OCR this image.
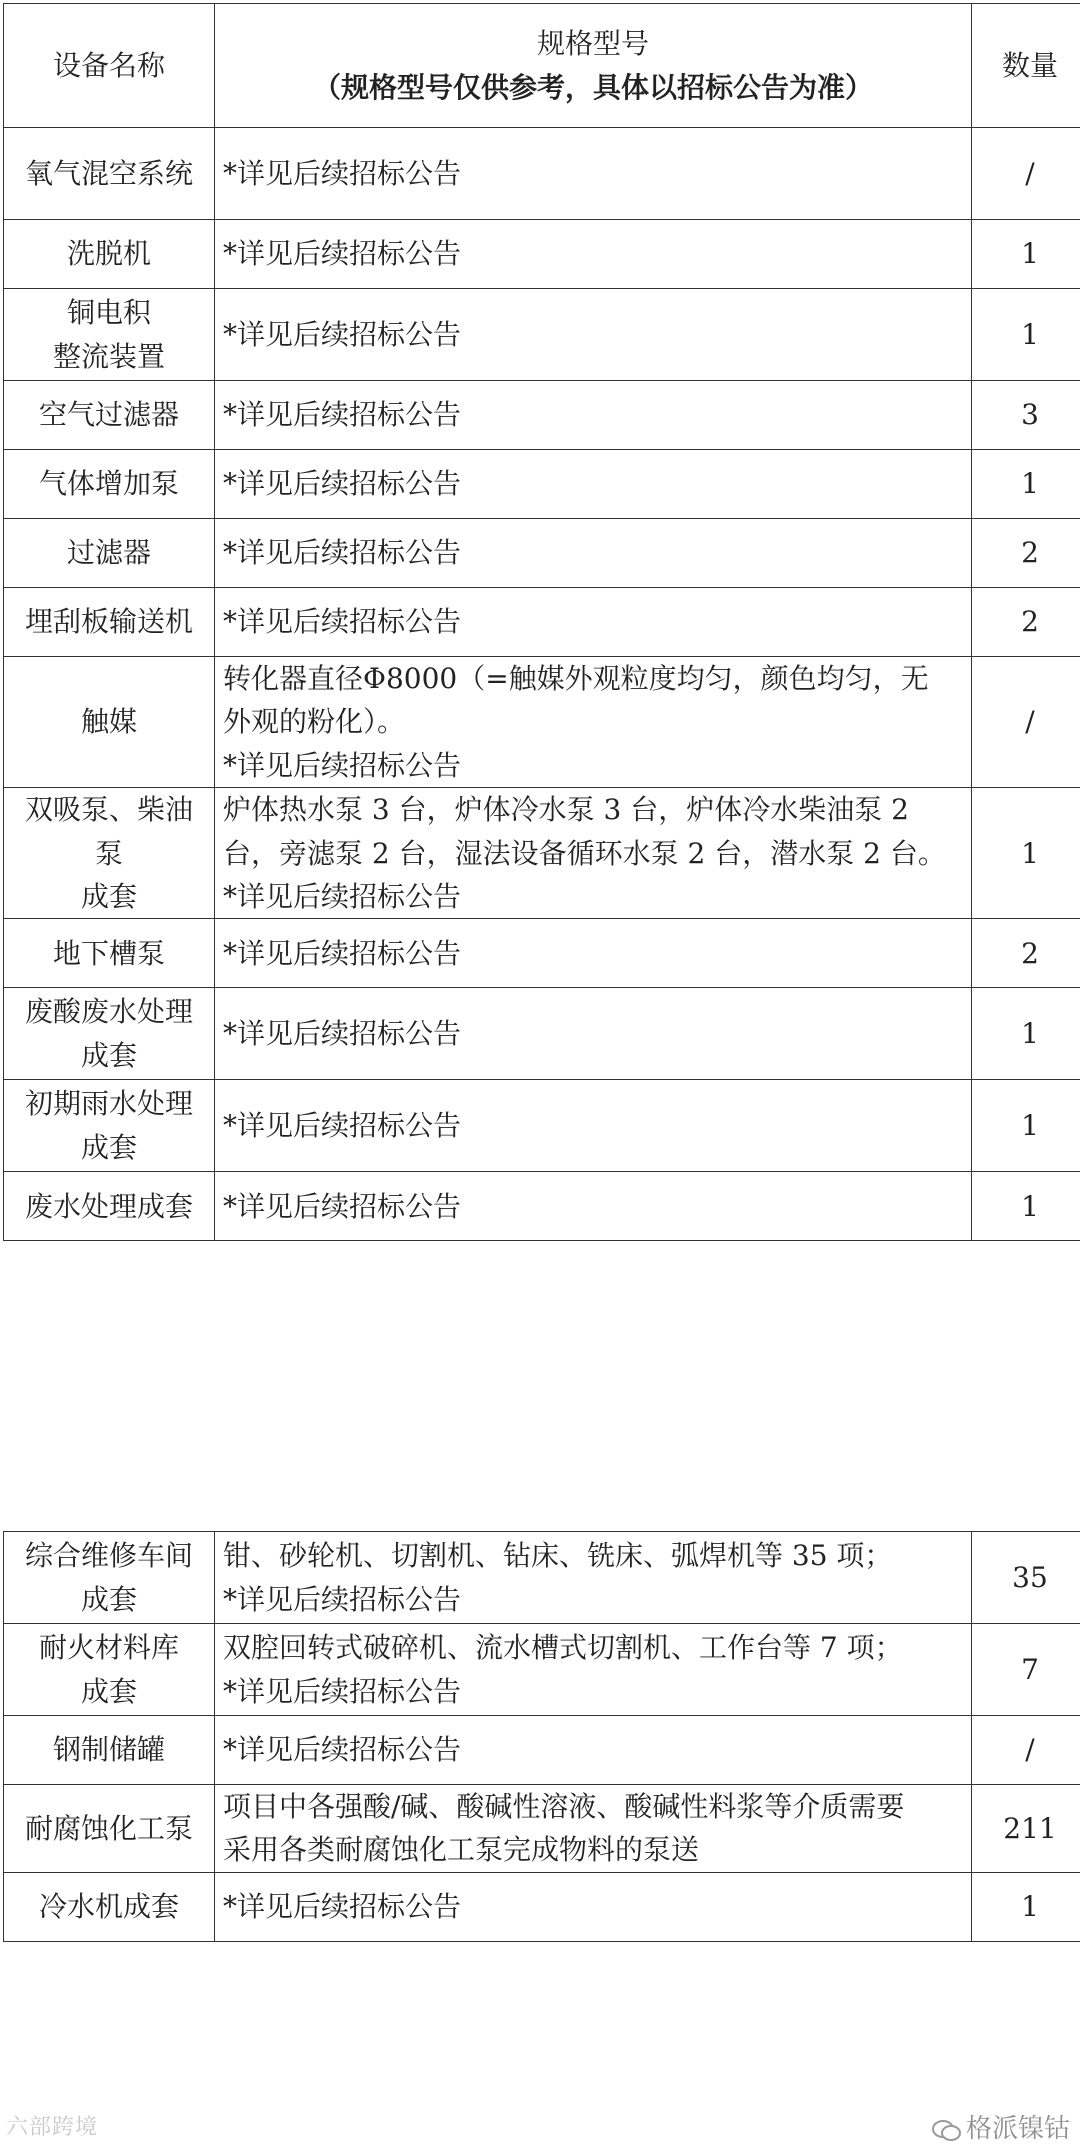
设备名称	规格型号
（规格型号仅供参考，具体以招标公告为准）	数量

氧气混空系统	*详见后续招标公告	/

洗脱机	*详见后续招标公告	1

铜电积
整流装置	*详见后续招标公告	1

空气过滤器	*详见后续招标公告	3

气体增加泵	*详见后续招标公告	1

过滤器	*详见后续招标公告	2

埋刮板输送机	*详见后续招标公告	2

触媒	转化器直径Φ8000（=触媒外观粒度均匀，颜色均匀，无
外观的粉化）。
*详见后续招标公告	/

双吸泵、柴油泵
成套	炉体热水泵 3 台，炉体冷水泵 3 台，炉体冷水柴油泵 2
台，旁滤泵 2 台，湿法设备循环水泵 2 台，潜水泵 2 台。
*详见后续招标公告	1

地下槽泵	*详见后续招标公告	2

废酸废水处理
成套	*详见后续招标公告	1

初期雨水处理
成套	*详见后续招标公告	1

废水处理成套	*详见后续招标公告	1
综合维修车间
成套	钳、砂轮机、切割机、钻床、铣床、弧焊机等 35 项；
*详见后续招标公告	35

耐火材料库
成套	双腔回转式破碎机、流水槽式切割机、工作台等 7 项；
*详见后续招标公告	7

钢制储罐	*详见后续招标公告	/

耐腐蚀化工泵	项目中各强酸/碱、酸碱性溶液、酸碱性料浆等介质需要
采用各类耐腐蚀化工泵完成物料的泵送	211

冷水机成套	*详见后续招标公告	1
六部跨境	格派镍钴
